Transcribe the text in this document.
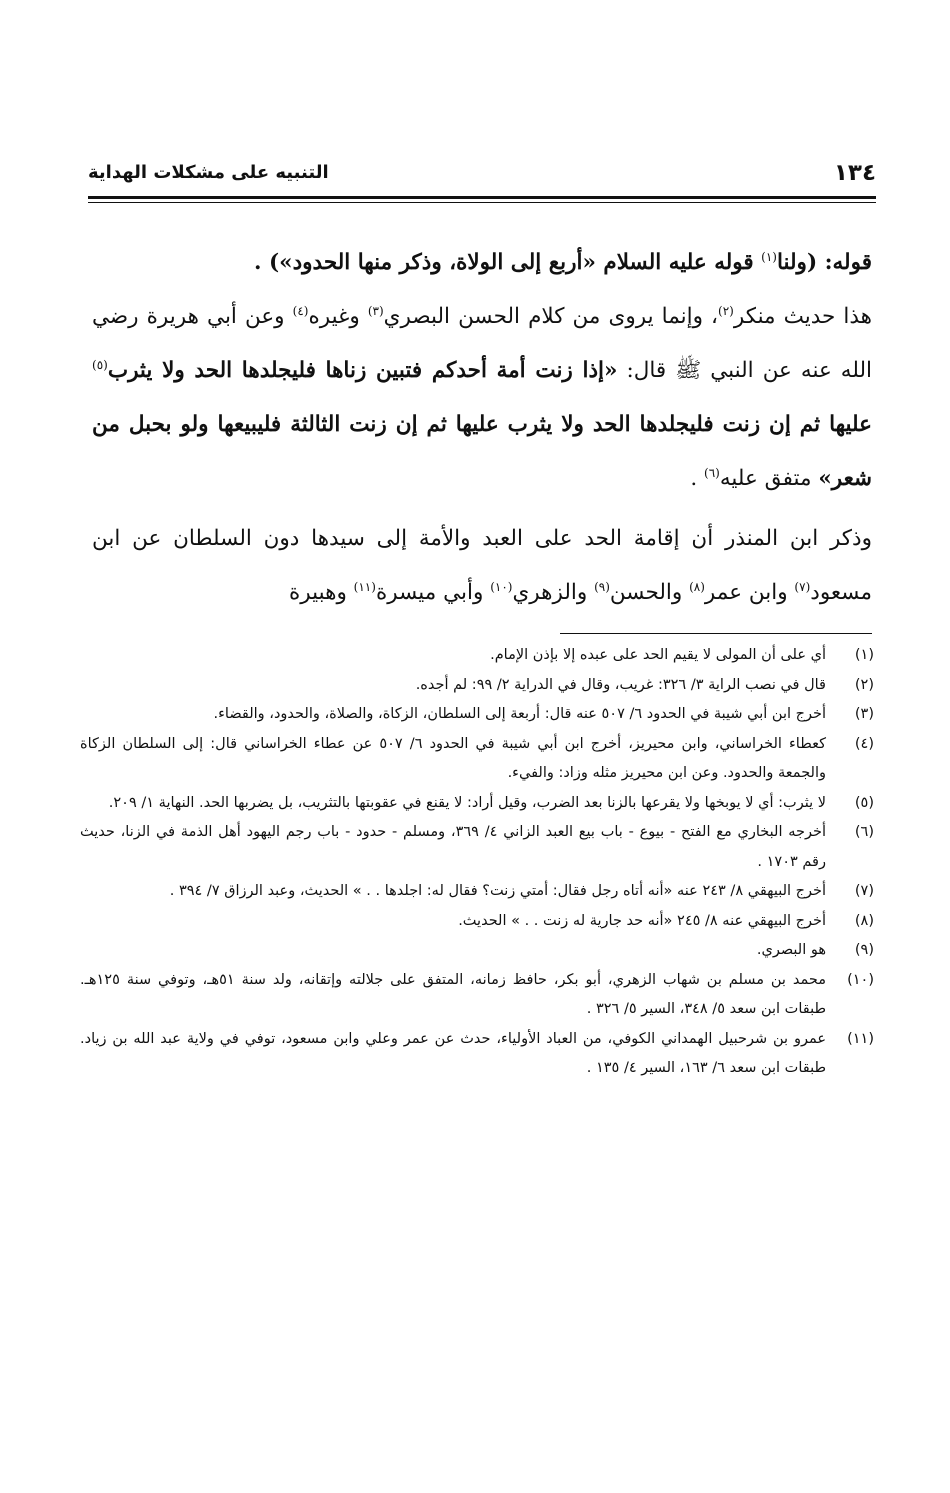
١٣٤
التنبيه على مشكلات الهداية

قوله: (ولنا$^{(١)}$ قوله عليه السلام «أربع إلى الولاة، وذكر منها الحدود») .

هذا حديث منكر$^{(٢)}$، وإنما يروى من كلام الحسن البصري$^{(٣)}$ وغيره$^{(٤)}$ وعن أبي هريرة رضي الله عنه عن النبي ﷺ قال: «إذا زنت أمة أحدكم فتبين زناها فليجلدها الحد ولا يثرب$^{(٥)}$ عليها ثم إن زنت فليجلدها الحد ولا يثرب عليها ثم إن زنت الثالثة فليبيعها ولو بحبل من شعر» متفق عليه$^{(٦)}$ .

وذكر ابن المنذر أن إقامة الحد على العبد والأمة إلى سيدها دون السلطان عن ابن مسعود$^{(٧)}$ وابن عمر$^{(٨)}$ والحسن$^{(٩)}$ والزهري$^{(١٠)}$ وأبي ميسرة$^{(١١)}$ وهبيرة

(١)
أي على أن المولى لا يقيم الحد على عبده إلا بإذن الإمام.
(٢)
قال في نصب الراية ٣/ ٣٢٦: غريب، وقال في الدراية ٢/ ٩٩: لم أجده.
(٣)
أخرج ابن أبي شيبة في الحدود ٦/ ٥٠٧ عنه قال: أربعة إلى السلطان، الزكاة، والصلاة، والحدود، والقضاء.
(٤)
كعطاء الخراساني، وابن محيريز، أخرج ابن أبي شيبة في الحدود ٦/ ٥٠٧ عن عطاء الخراساني قال: إلى السلطان الزكاة والجمعة والحدود. وعن ابن محيريز مثله وزاد: والفيء.
(٥)
لا يثرب: أي لا يوبخها ولا يقرعها بالزنا بعد الضرب، وقيل أراد: لا يقنع في عقوبتها بالتثريب، بل يضربها الحد. النهاية ١/ ٢٠٩.
(٦)
أخرجه البخاري مع الفتح - بيوع - باب بيع العبد الزاني ٤/ ٣٦٩، ومسلم - حدود - باب رجم اليهود أهل الذمة في الزنا، حديث رقم ١٧٠٣ .
(٧)
أخرج البيهقي ٨/ ٢٤٣ عنه «أنه أتاه رجل فقال: أمتي زنت؟ فقال له: اجلدها . . » الحديث، وعبد الرزاق ٧/ ٣٩٤ .
(٨)
أخرج البيهقي عنه ٨/ ٢٤٥ «أنه حد جارية له زنت . . » الحديث.
(٩)
هو البصري.
(١٠)
محمد بن مسلم بن شهاب الزهري، أبو بكر، حافظ زمانه، المتفق على جلالته وإتقانه، ولد سنة ٥١هـ، وتوفي سنة ١٢٥هـ. طبقات ابن سعد ٥/ ٣٤٨، السير ٥/ ٣٢٦ .
(١١)
عمرو بن شرحبيل الهمداني الكوفي، من العباد الأولياء، حدث عن عمر وعلي وابن مسعود، توفي في ولاية عبد الله بن زياد. طبقات ابن سعد ٦/ ١٦٣، السير ٤/ ١٣٥ .
